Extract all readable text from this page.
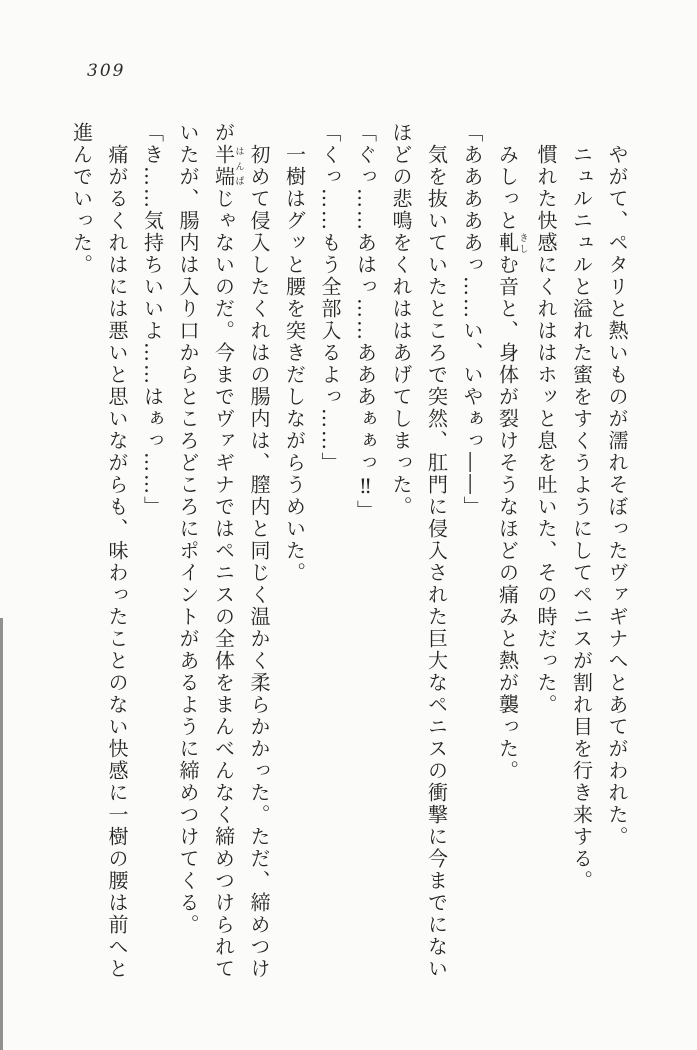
309

　やがて、ペタリと熱いものが濡れそぼったヴァギナへとあてがわれた。

　ニュルニュルと溢れた蜜をすくうようにしてペニスが割れ目を行き来する。

　慣れた快感にくれははホッと息を吐いた、その時だった。

　みしっと軋きしむ音と、身体が裂けそうなほどの痛みと熱が襲った。

「あああああっ……い、いやぁっ――」

　気を抜いていたところで突然、肛門に侵入された巨大なペニスの衝撃に今までにないほどの悲鳴をくれははあげてしまった。

「ぐっ……あはっ……あああぁぁっ‼」

「くっ……もう全部入るよっ……」

　一樹はグッと腰を突きだしながらうめいた。

　初めて侵入したくれはの腸内は、膣内と同じく温かく柔らかかった。ただ、締めつけが半端はんぱじゃないのだ。今までヴァギナではペニスの全体をまんべんなく締めつけられていたが、腸内は入り口からところどころにポイントがあるように締めつけてくる。

「き……気持ちいいよ……はぁっ……」

　痛がるくれはには悪いと思いながらも、味わったことのない快感に一樹の腰は前へと進んでいった。
